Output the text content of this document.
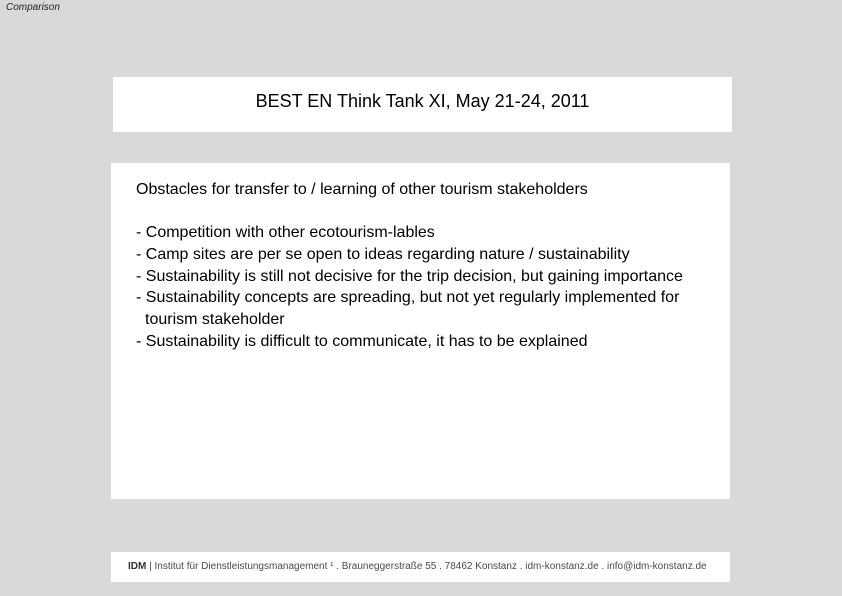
Comparison
BEST EN Think Tank XI, May 21-24, 2011
Obstacles for transfer to / learning of other tourism stakeholders
- Competition with other ecotourism-lables
- Camp sites are per se open to ideas regarding nature / sustainability
- Sustainability is still not decisive for the trip decision, but gaining importance
- Sustainability concepts are spreading, but not yet regularly implemented for tourism stakeholder
- Sustainability is difficult to communicate, it has to be explained
IDM | Institut für Dienstleistungsmanagement ¹ . Brauneggerstraße 55 . 78462 Konstanz . idm-konstanz.de . info@idm-konstanz.de
